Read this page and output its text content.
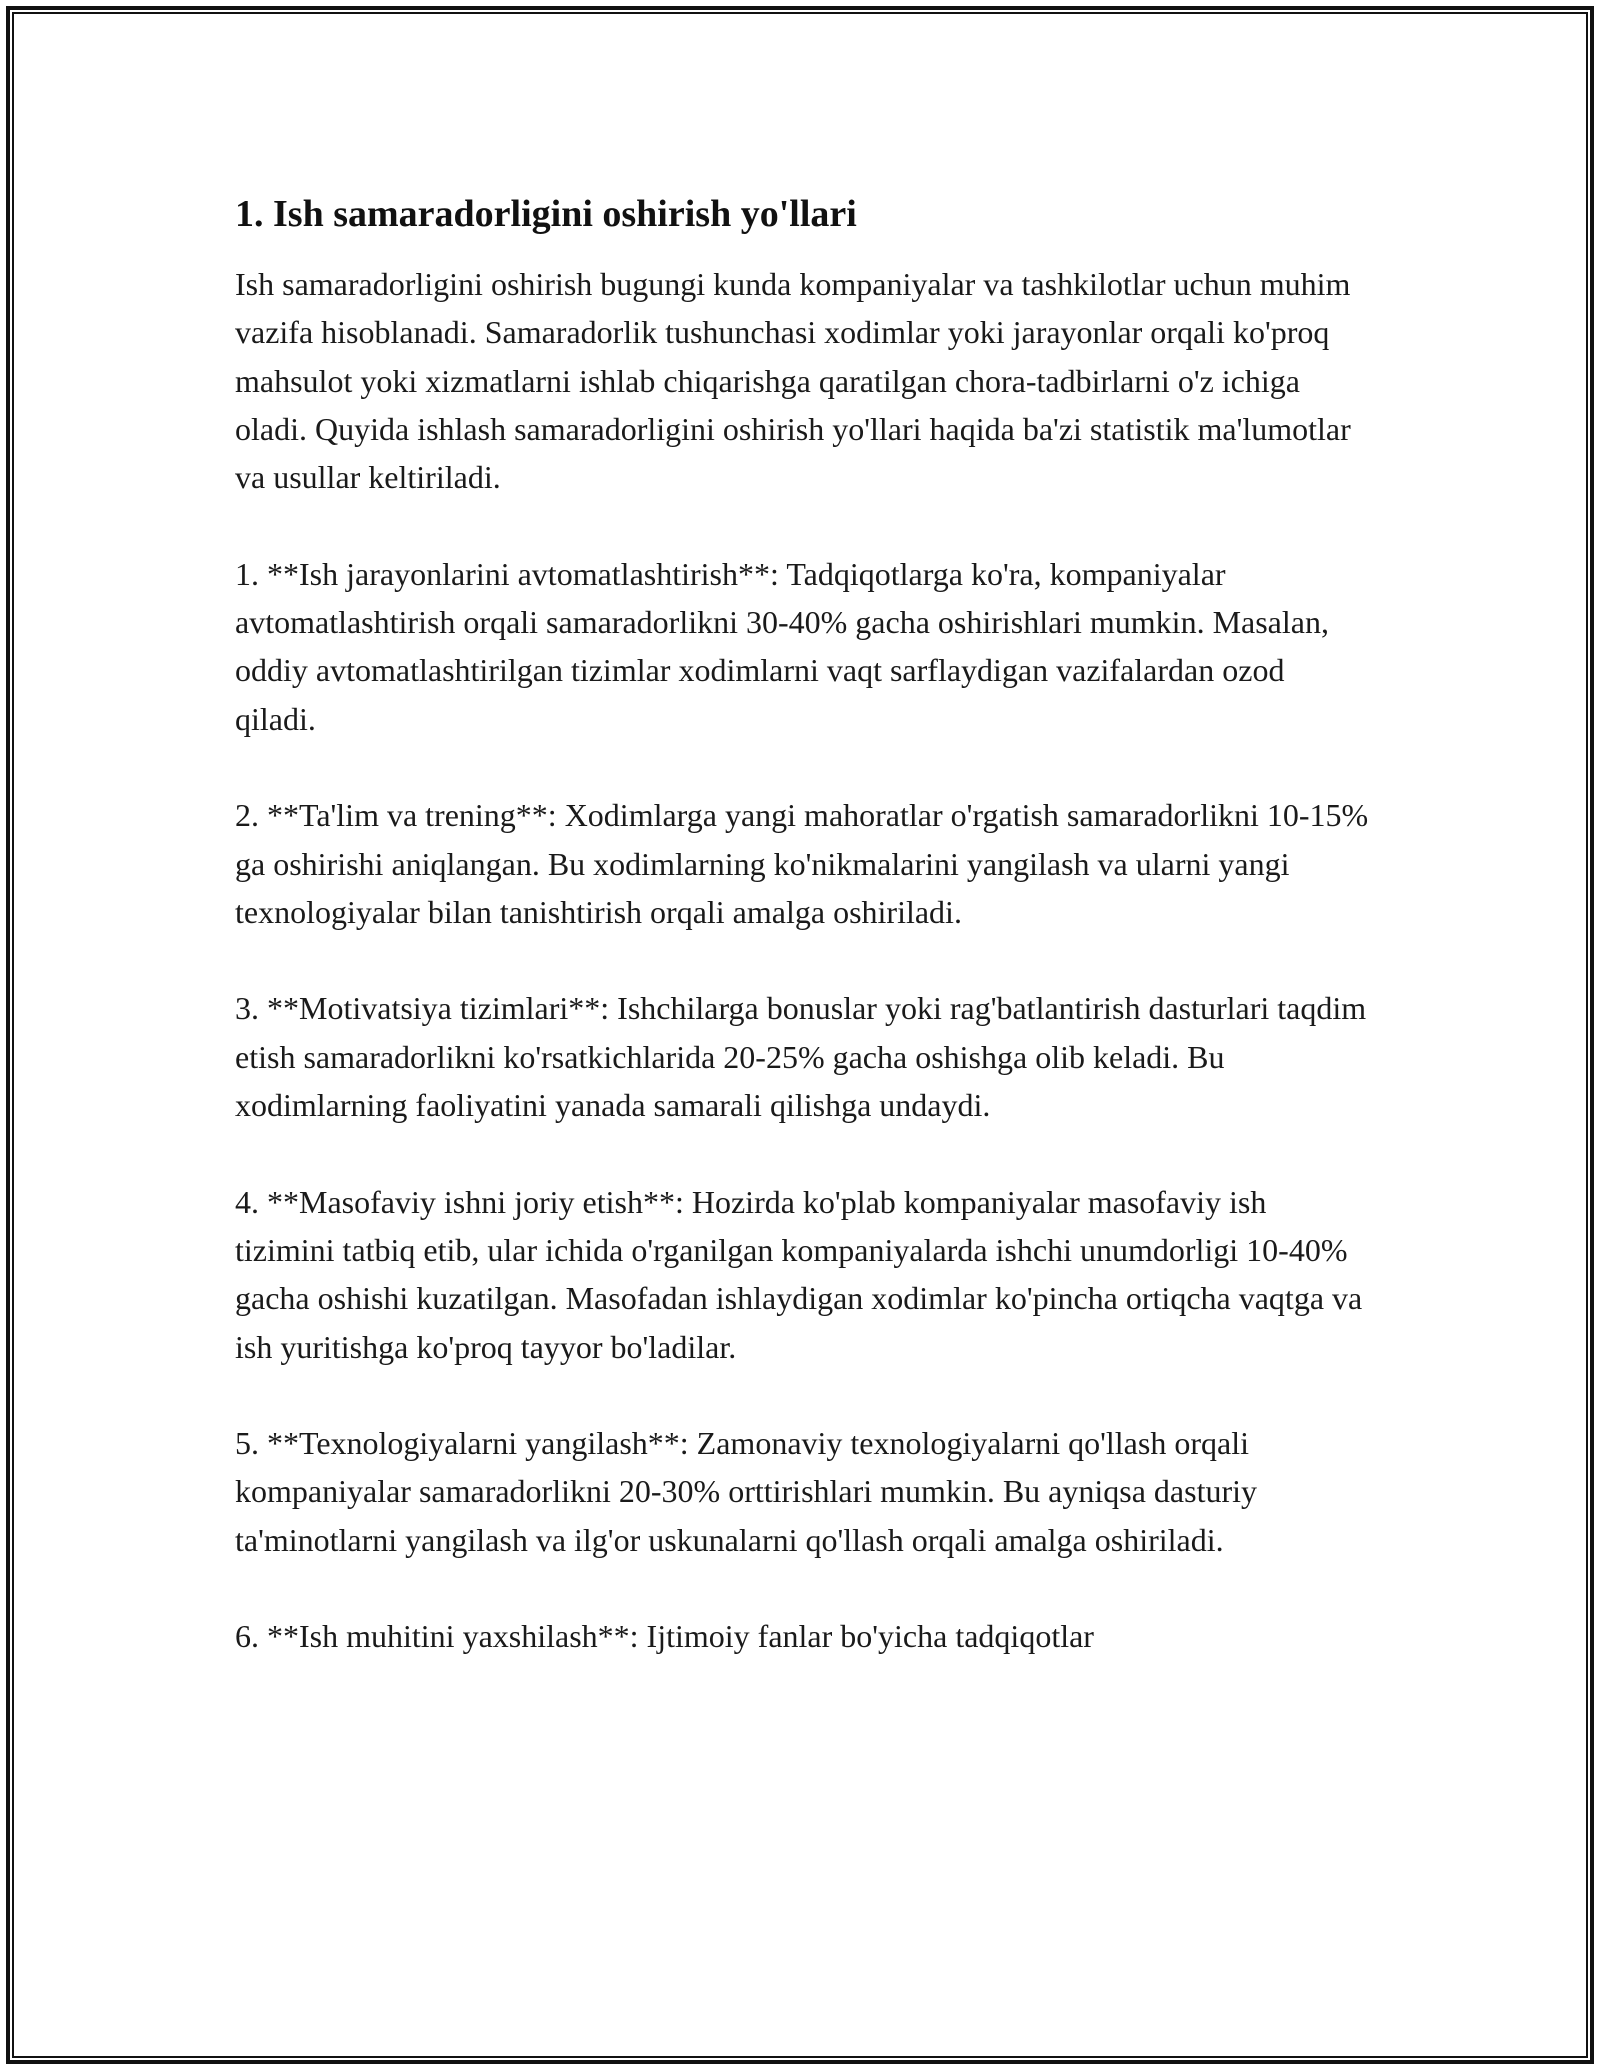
1. Ish samaradorligini oshirish yo'llari

Ish samaradorligini oshirish bugungi kunda kompaniyalar va tashkilotlar uchun muhim vazifa hisoblanadi. Samaradorlik tushunchasi xodimlar yoki jarayonlar orqali ko'proq mahsulot yoki xizmatlarni ishlab chiqarishga qaratilgan chora-tadbirlarni o'z ichiga oladi. Quyida ishlash samaradorligini oshirish yo'llari haqida ba'zi statistik ma'lumotlar va usullar keltiriladi.

1. **Ish jarayonlarini avtomatlashtirish**: Tadqiqotlarga ko'ra, kompaniyalar avtomatlashtirish orqali samaradorlikni 30-40% gacha oshirishlari mumkin. Masalan, oddiy avtomatlashtirilgan tizimlar xodimlarni vaqt sarflaydigan vazifalardan ozod qiladi.

2. **Ta'lim va trening**: Xodimlarga yangi mahoratlar o'rgatish samaradorlikni 10-15% ga oshirishi aniqlangan. Bu xodimlarning ko'nikmalarini yangilash va ularni yangi texnologiyalar bilan tanishtirish orqali amalga oshiriladi.

3. **Motivatsiya tizimlari**: Ishchilarga bonuslar yoki rag'batlantirish dasturlari taqdim etish samaradorlikni ko'rsatkichlarida 20-25% gacha oshishga olib keladi. Bu xodimlarning faoliyatini yanada samarali qilishga undaydi.

4. **Masofaviy ishni joriy etish**: Hozirda ko'plab kompaniyalar masofaviy ish tizimini tatbiq etib, ular ichida o'rganilgan kompaniyalarda ishchi unumdorligi 10-40% gacha oshishi kuzatilgan. Masofadan ishlaydigan xodimlar ko'pincha ortiqcha vaqtga va ish yuritishga ko'proq tayyor bo'ladilar.

5. **Texnologiyalarni yangilash**: Zamonaviy texnologiyalarni qo'llash orqali kompaniyalar samaradorlikni 20-30% orttirishlari mumkin. Bu ayniqsa dasturiy ta'minotlarni yangilash va ilg'or uskunalarni qo'llash orqali amalga oshiriladi.

6. **Ish muhitini yaxshilash**: Ijtimoiy fanlar bo'yicha tadqiqotlar
